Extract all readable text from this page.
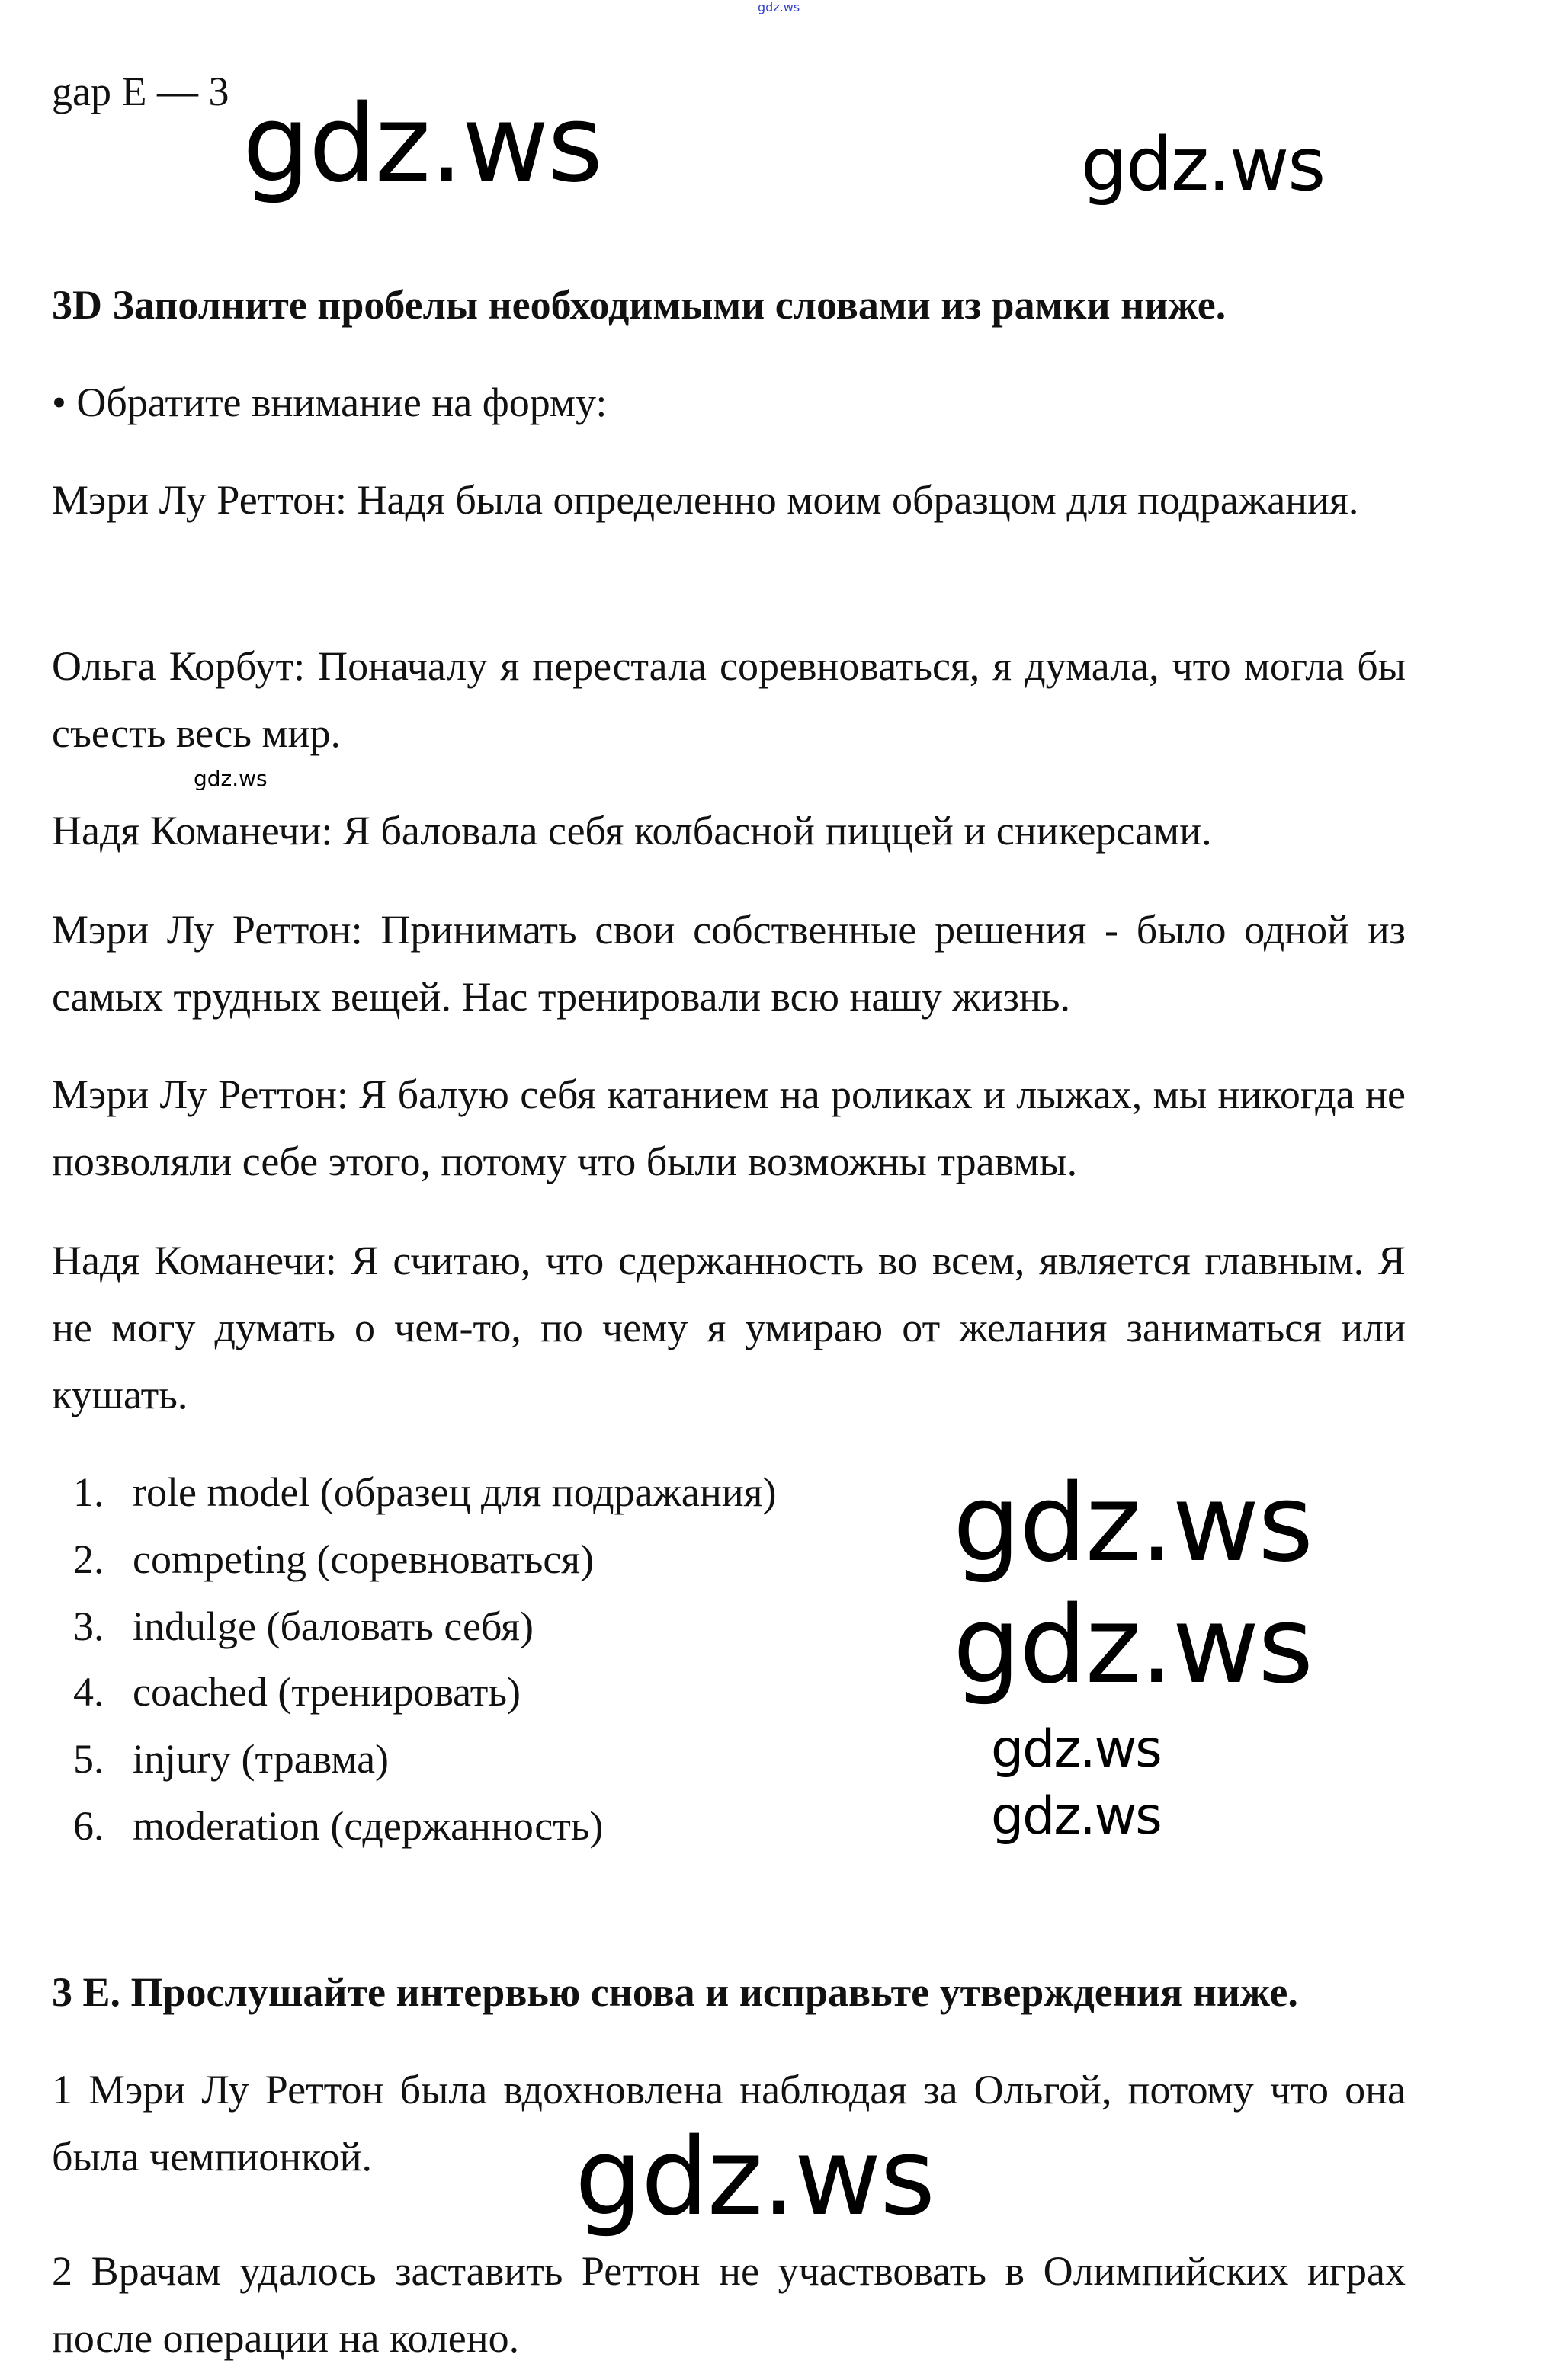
gdz.ws
gdz.ws	gdz.ws
gdz.ws
gdz.ws
gdz.ws
gdz.ws
gdz.ws
gdz.ws
gap E — 3
3D Заполните пробелы необходимыми словами из рамки ниже.
• Обратите внимание на форму:
Мэри Лу Реттон: Надя была определенно моим образцом для подражания.
Ольга Корбут: Поначалу я перестала соревноваться, я думала, что могла бы съесть весь мир.
Надя Команечи: Я баловала себя колбасной пиццей и сникерсами.
Мэри Лу Реттон: Принимать свои собственные решения - было одной из самых трудных вещей. Нас тренировали всю нашу жизнь.
Мэри Лу Реттон: Я балую себя катанием на роликах и лыжах, мы никогда не позволяли себе этого, потому что были возможны травмы.
Надя Команечи: Я считаю, что сдержанность во всем, является главным. Я не могу думать о чем-то, по чему я умираю от желания заниматься или кушать.
1. role model (образец для подражания)
2. competing (соревноваться)
3. indulge (баловать себя)
4. coached (тренировать)
5. injury (травма)
6. moderation (сдержанность)
3 E. Прослушайте интервью снова и исправьте утверждения ниже.
1 Мэри Лу Реттон была вдохновлена наблюдая за Ольгой, потому что она была чемпионкой.
2 Врачам удалось заставить Реттон не участвовать в Олимпийских играх после операции на колено.
